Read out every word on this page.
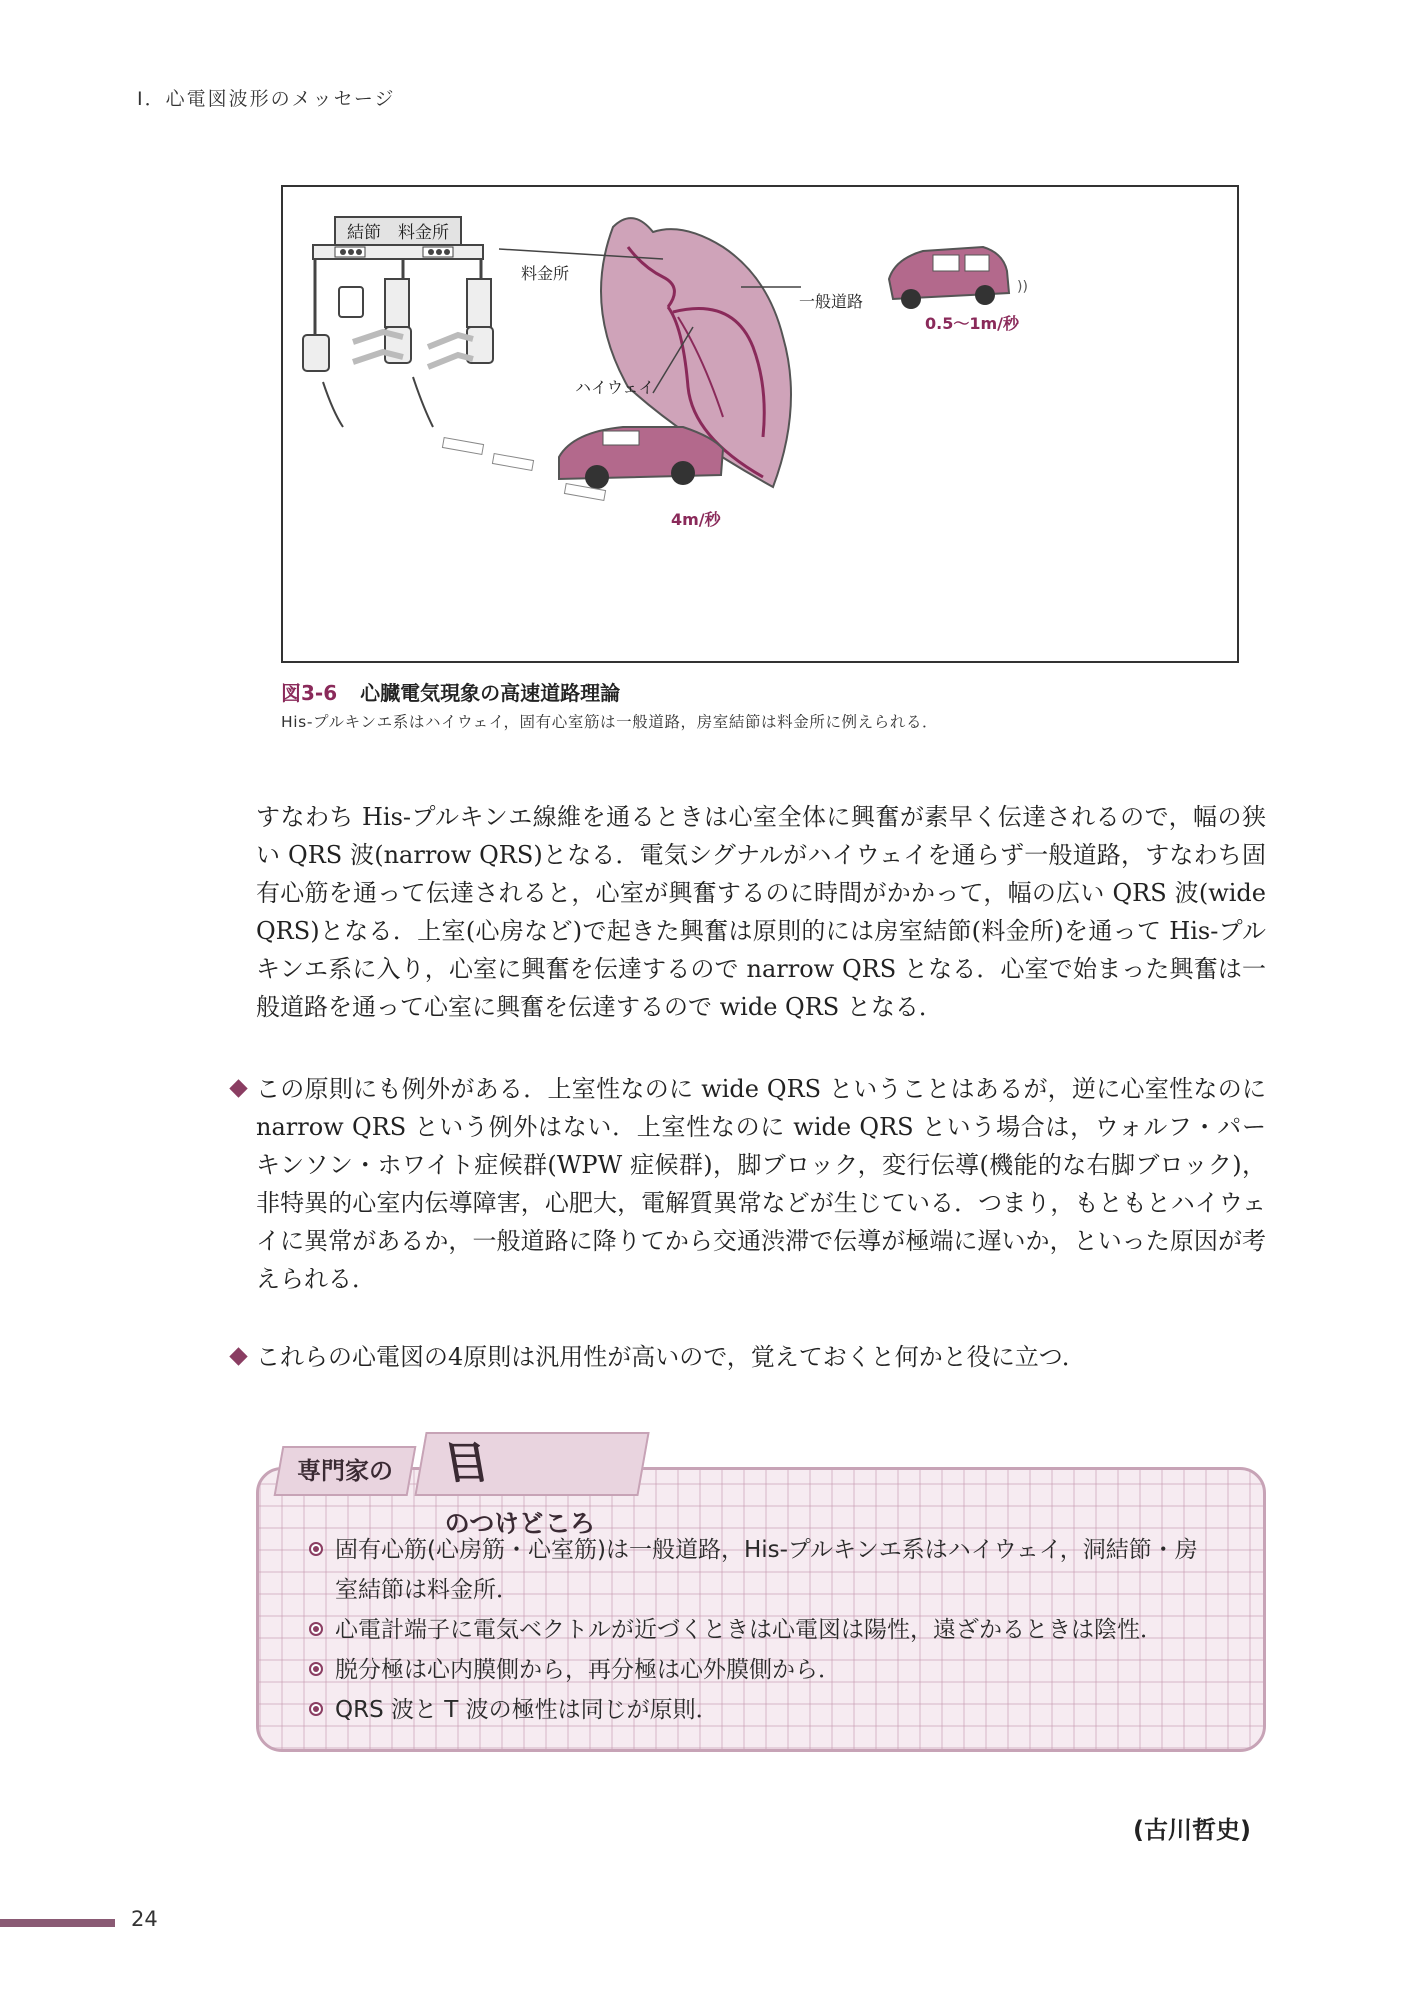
Ⅰ．心電図波形のメッセージ
結節　料金所
料金所
一般道路
ハイウェイ
))
0.5～1m/秒
4m/秒
図3-6 心臓電気現象の高速道路理論
His-プルキンエ系はハイウェイ，固有心室筋は一般道路，房室結節は料金所に例えられる．
すなわち His-プルキンエ線維を通るときは心室全体に興奮が素早く伝達されるので，幅の狭い QRS 波(narrow QRS)となる．電気シグナルがハイウェイを通らず一般道路，すなわち固有心筋を通って伝達されると，心室が興奮するのに時間がかかって，幅の広い QRS 波(wide QRS)となる．上室(心房など)で起きた興奮は原則的には房室結節(料金所)を通って His-プルキンエ系に入り，心室に興奮を伝達するので narrow QRS となる．心室で始まった興奮は一般道路を通って心室に興奮を伝達するので wide QRS となる．
この原則にも例外がある．上室性なのに wide QRS ということはあるが，逆に心室性なのに narrow QRS という例外はない．上室性なのに wide QRS という場合は，ウォルフ・パーキンソン・ホワイト症候群(WPW 症候群)，脚ブロック，変行伝導(機能的な右脚ブロック)，非特異的心室内伝導障害，心肥大，電解質異常などが生じている．つまり，もともとハイウェイに異常があるか，一般道路に降りてから交通渋滞で伝導が極端に遅いか，といった原因が考えられる．
これらの心電図の4原則は汎用性が高いので，覚えておくと何かと役に立つ．
専門家の	目
のつけどころ
固有心筋(心房筋・心室筋)は一般道路，His-プルキンエ系はハイウェイ，洞結節・房室結節は料金所．
心電計端子に電気ベクトルが近づくときは心電図は陽性，遠ざかるときは陰性．
脱分極は心内膜側から，再分極は心外膜側から．
QRS 波と T 波の極性は同じが原則．
(古川哲史)
24
